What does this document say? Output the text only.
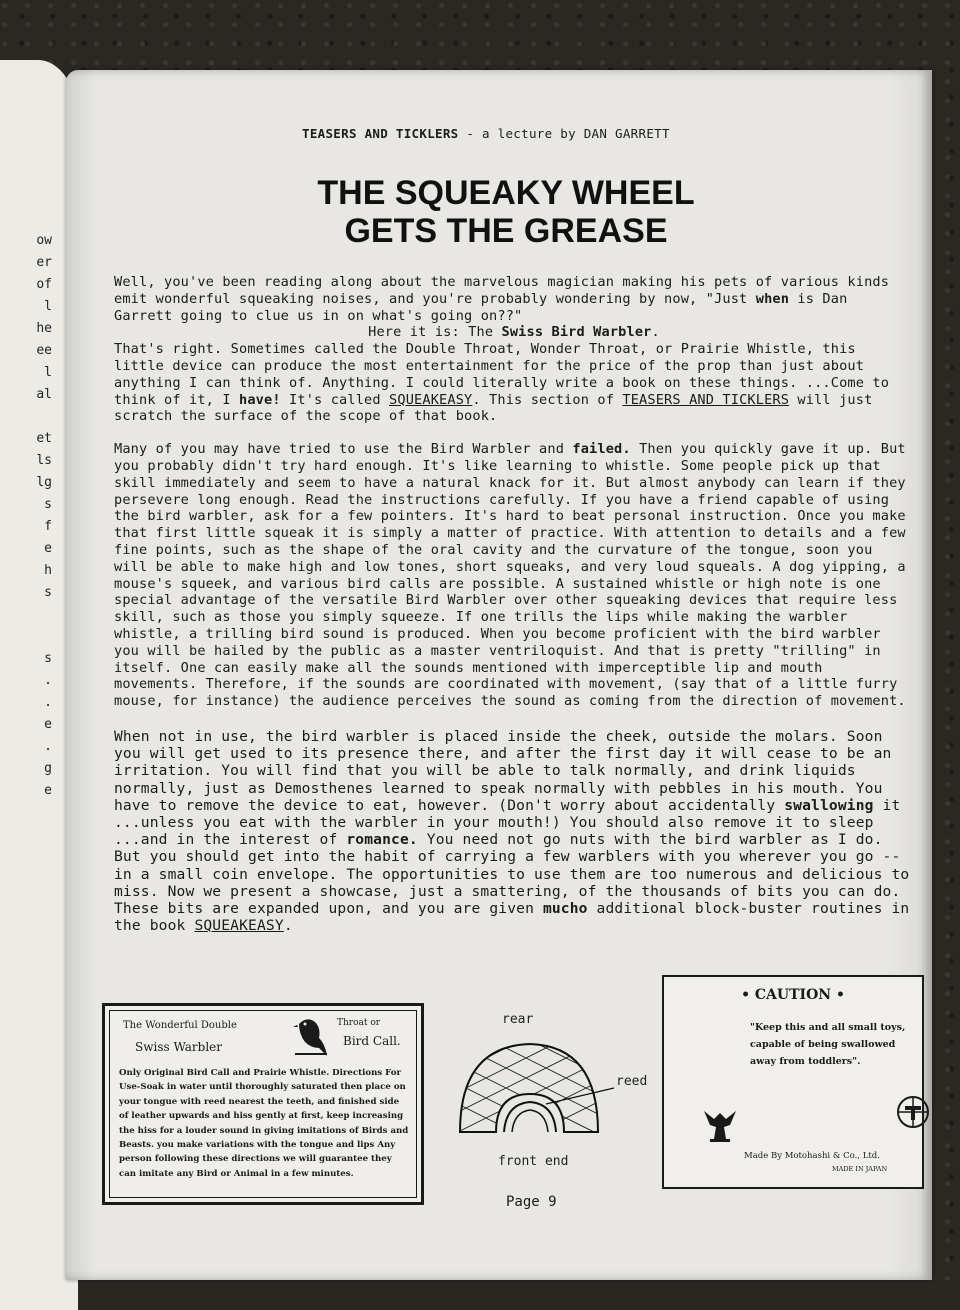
ow
er
of
l
he
ee
l
al
et
ls
lg
s
f
e
h
s
s
.
.
e
.
g
e
TEASERS AND TICKLERS - a lecture by DAN GARRETT
THE SQUEAKY WHEEL
GETS THE GREASE

Well, you've been reading along about the marvelous magician making his pets of various kinds emit wonderful squeaking noises, and you're probably wondering by now, "Just when is Dan Garrett going to clue us in on what's going on??"

Here it is: The Swiss Bird Warbler.

That's right. Sometimes called the Double Throat, Wonder Throat, or Prairie Whistle, this little device can produce the most entertainment for the price of the prop than just about anything I can think of. Anything. I could literally write a book on these things. ...Come to think of it, I have! It's called SQUEAKEASY. This section of TEASERS AND TICKLERS will just scratch the surface of the scope of that book.

Many of you may have tried to use the Bird Warbler and failed. Then you quickly gave it up. But you probably didn't try hard enough. It's like learning to whistle. Some people pick up that skill immediately and seem to have a natural knack for it. But almost anybody can learn if they persevere long enough. Read the instructions carefully. If you have a friend capable of using the bird warbler, ask for a few pointers. It's hard to beat personal instruction. Once you make that first little squeak it is simply a matter of practice. With attention to details and a few fine points, such as the shape of the oral cavity and the curvature of the tongue, soon you will be able to make high and low tones, short squeaks, and very loud squeals. A dog yipping, a mouse's squeek, and various bird calls are possible. A sustained whistle or high note is one special advantage of the versatile Bird Warbler over other squeaking devices that require less skill, such as those you simply squeeze. If one trills the lips while making the warbler whistle, a trilling bird sound is produced. When you become proficient with the bird warbler you will be hailed by the public as a master ventriloquist. And that is pretty "trilling" in itself. One can easily make all the sounds mentioned with imperceptible lip and mouth movements. Therefore, if the sounds are coordinated with movement, (say that of a little furry mouse, for instance) the audience perceives the sound as coming from the direction of movement.

When not in use, the bird warbler is placed inside the cheek, outside the molars. Soon you will get used to its presence there, and after the first day it will cease to be an irritation. You will find that you will be able to talk normally, and drink liquids normally, just as Demosthenes learned to speak normally with pebbles in his mouth. You have to remove the device to eat, however. (Don't worry about accidentally swallowing it ...unless you eat with the warbler in your mouth!) You should also remove it to sleep ...and in the interest of romance. You need not go nuts with the bird warbler as I do. But you should get into the habit of carrying a few warblers with you wherever you go -- in a small coin envelope. The opportunities to use them are too numerous and delicious to miss. Now we present a showcase, just a smattering, of the thousands of bits you can do. These bits are expanded upon, and you are given mucho additional block-buster routines in the book SQUEAKEASY.

The Wonderful Double
Swiss Warbler
Throat or
Bird Call.
Only Original Bird Call and Prairie Whistle. Directions For Use-Soak in water until thoroughly saturated then place on your tongue with reed nearest the teeth, and finished side of leather upwards and hiss gently at first, keep increasing the hiss for a louder sound in giving imitations of Birds and Beasts. you make variations with the tongue and lips Any person following these directions we will guarantee they can imitate any Bird or Animal in a few minutes.
rear
reed
front end
• CAUTION •
"Keep this and all small toys, capable of being swallowed away from toddlers".
Made By Motohashi & Co., Ltd.
MADE IN JAPAN
Page 9
